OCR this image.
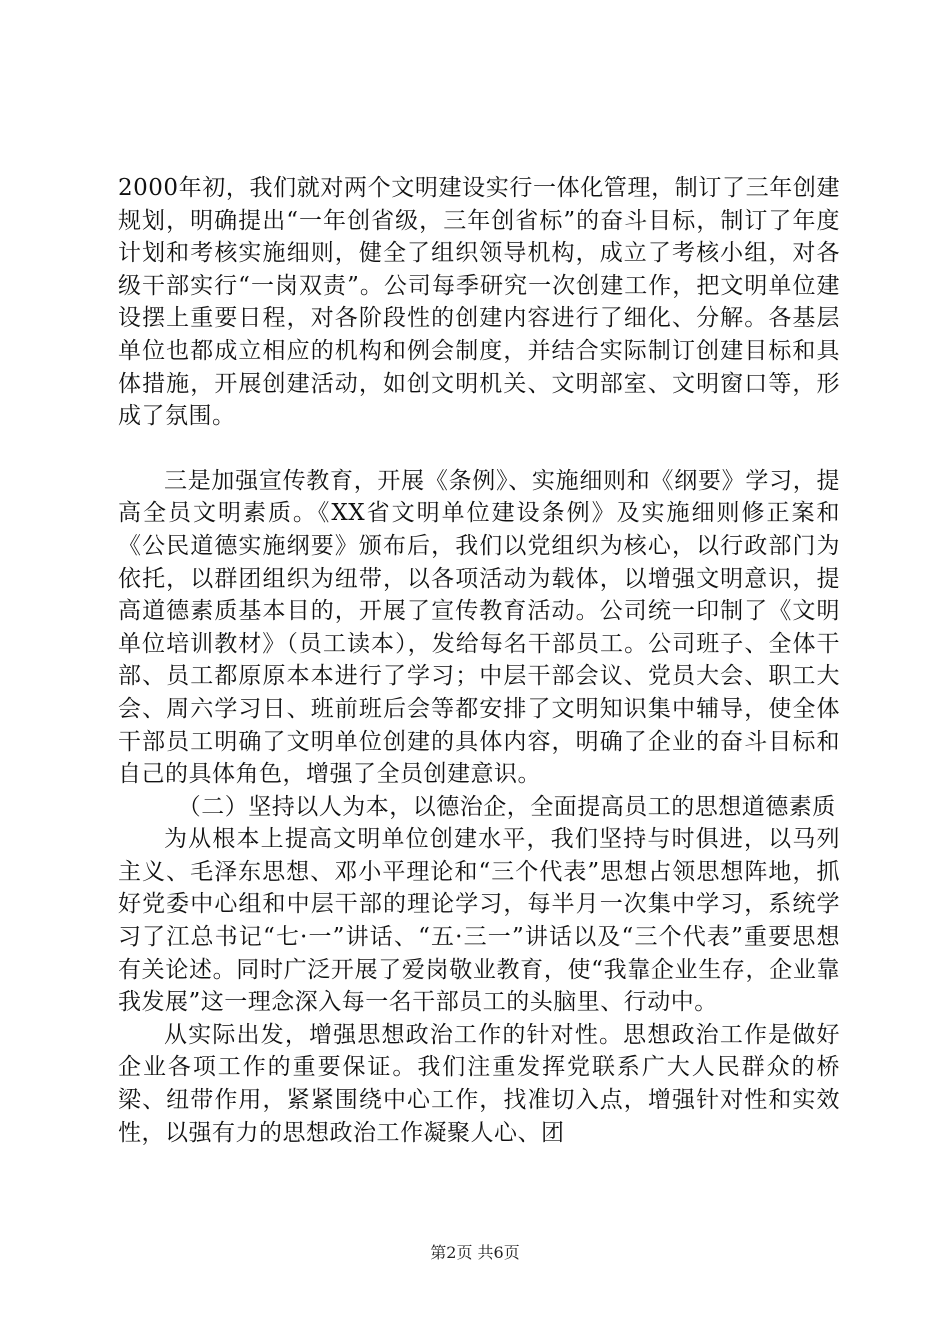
2000年初，我们就对两个文明建设实行一体化管理，制订了三年创建规划，明确提出“一年创省级，三年创省标”的奋斗目标，制订了年度计划和考核实施细则，健全了组织领导机构，成立了考核小组，对各级干部实行“一岗双责”。公司每季研究一次创建工作，把文明单位建设摆上重要日程，对各阶段性的创建内容进行了细化、分解。各基层单位也都成立相应的机构和例会制度，并结合实际制订创建目标和具体措施，开展创建活动，如创文明机关、文明部室、文明窗口等，形成了氛围。

三是加强宣传教育，开展《条例》、实施细则和《纲要》学习，提高全员文明素质。《XX省文明单位建设条例》及实施细则修正案和《公民道德实施纲要》颁布后，我们以党组织为核心，以行政部门为依托，以群团组织为纽带，以各项活动为载体，以增强文明意识，提高道德素质基本目的，开展了宣传教育活动。公司统一印制了《文明单位培训教材》（员工读本），发给每名干部员工。公司班子、全体干部、员工都原原本本进行了学习；中层干部会议、党员大会、职工大会、周六学习日、班前班后会等都安排了文明知识集中辅导，使全体干部员工明确了文明单位创建的具体内容，明确了企业的奋斗目标和自己的具体角色，增强了全员创建意识。

（二）坚持以人为本，以德治企，全面提高员工的思想道德素质

为从根本上提高文明单位创建水平，我们坚持与时俱进，以马列主义、毛泽东思想、邓小平理论和“三个代表”思想占领思想阵地，抓好党委中心组和中层干部的理论学习，每半月一次集中学习，系统学习了江总书记“七·一”讲话、“五·三一”讲话以及“三个代表”重要思想有关论述。同时广泛开展了爱岗敬业教育，使“我靠企业生存，企业靠我发展”这一理念深入每一名干部员工的头脑里、行动中。

从实际出发，增强思想政治工作的针对性。思想政治工作是做好企业各项工作的重要保证。我们注重发挥党联系广大人民群众的桥梁、纽带作用，紧紧围绕中心工作，找准切入点，增强针对性和实效性，以强有力的思想政治工作凝聚人心、团

第2页 共6页
